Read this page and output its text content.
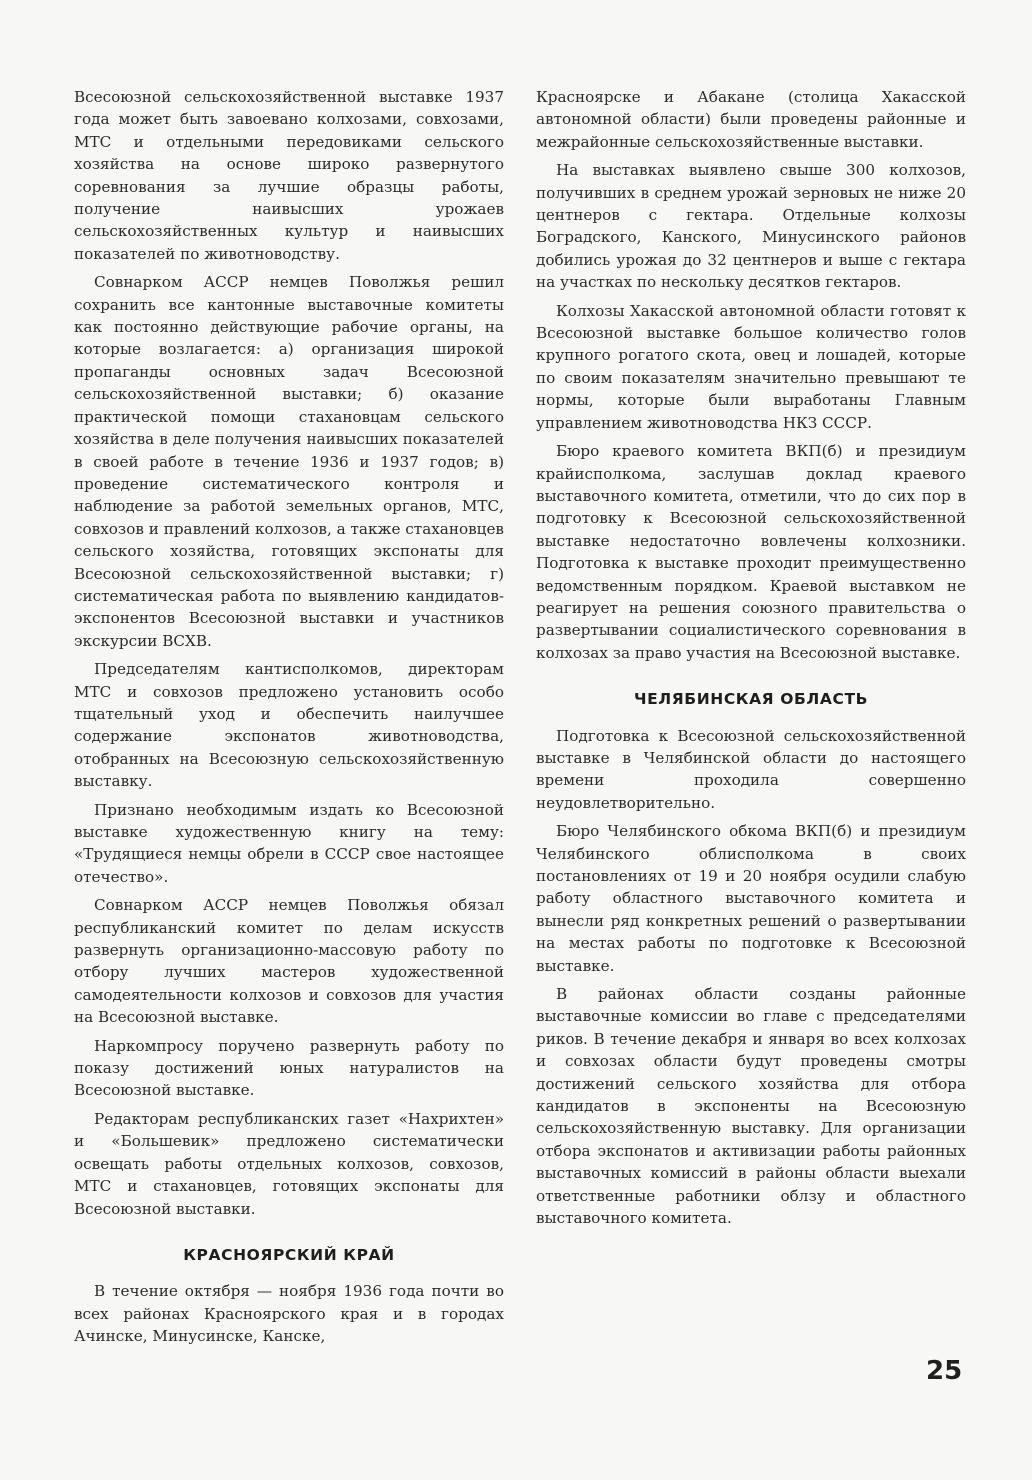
Всесоюзной сельскохозяйственной выставке 1937 года может быть завоевано колхозами, совхозами, МТС и отдельными передовиками сельского хозяйства на основе широко развернутого соревнования за лучшие образцы работы, получение наивысших урожаев сельскохозяйственных культур и наивысших показателей по животноводству.

Совнарком АССР немцев Поволжья решил сохранить все кантонные выставочные комитеты как постоянно действующие рабочие органы, на которые возлагается: а) организация широкой пропаганды основных задач Всесоюзной сельскохозяйственной выставки; б) оказание практической помощи стахановцам сельского хозяйства в деле получения наивысших показателей в своей работе в течение 1936 и 1937 годов; в) проведение систематического контроля и наблюдение за работой земельных органов, МТС, совхозов и правлений колхозов, а также стахановцев сельского хозяйства, готовящих экспонаты для Всесоюзной сельскохозяйственной выставки; г) систематическая работа по выявлению кандидатов-экспонентов Всесоюзной выставки и участников экскурсии ВСХВ.

Председателям кантисполкомов, директорам МТС и совхозов предложено установить особо тщательный уход и обеспечить наилучшее содержание экспонатов животноводства, отобранных на Всесоюзную сельскохозяйственную выставку.

Признано необходимым издать ко Всесоюзной выставке художественную книгу на тему: «Трудящиеся немцы обрели в СССР свое настоящее отечество».

Совнарком АССР немцев Поволжья обязал республиканский комитет по делам искусств развернуть организационно-массовую работу по отбору лучших мастеров художественной самодеятельности колхозов и совхозов для участия на Всесоюзной выставке.

Наркомпросу поручено развернуть работу по показу достижений юных натуралистов на Всесоюзной выставке.

Редакторам республиканских газет «Нахрихтен» и «Большевик» предложено систематически освещать работы отдельных колхозов, совхозов, МТС и стахановцев, готовящих экспонаты для Всесоюзной выставки.

КРАСНОЯРСКИЙ КРАЙ

В течение октября — ноября 1936 года почти во всех районах Красноярского края и в городах Ачинске, Минусинске, Канске,

Красноярске и Абакане (столица Хакасской автономной области) были проведены районные и межрайонные сельскохозяйственные выставки.

На выставках выявлено свыше 300 колхозов, получивших в среднем урожай зерновых не ниже 20 центнеров с гектара. Отдельные колхозы Боградского, Канского, Минусинского районов добились урожая до 32 центнеров и выше с гектара на участках по нескольку десятков гектаров.

Колхозы Хакасской автономной области готовят к Всесоюзной выставке большое количество голов крупного рогатого скота, овец и лошадей, которые по своим показателям значительно превышают те нормы, которые были выработаны Главным управлением животноводства НКЗ СССР.

Бюро краевого комитета ВКП(б) и президиум крайисполкома, заслушав доклад краевого выставочного комитета, отметили, что до сих пор в подготовку к Всесоюзной сельскохозяйственной выставке недостаточно вовлечены колхозники. Подготовка к выставке проходит преимущественно ведомственным порядком. Краевой выставком не реагирует на решения союзного правительства о развертывании социалистического соревнования в колхозах за право участия на Всесоюзной выставке.

ЧЕЛЯБИНСКАЯ ОБЛАСТЬ

Подготовка к Всесоюзной сельскохозяйственной выставке в Челябинской области до настоящего времени проходила совершенно неудовлетворительно.

Бюро Челябинского обкома ВКП(б) и президиум Челябинского облисполкома в своих постановлениях от 19 и 20 ноября осудили слабую работу областного выставочного комитета и вынесли ряд конкретных решений о развертывании на местах работы по подготовке к Всесоюзной выставке.

В районах области созданы районные выставочные комиссии во главе с председателями риков. В течение декабря и января во всех колхозах и совхозах области будут проведены смотры достижений сельского хозяйства для отбора кандидатов в экспоненты на Всесоюзную сельскохозяйственную выставку. Для организации отбора экспонатов и активизации работы районных выставочных комиссий в районы области выехали ответственные работники облзу и областного выставочного комитета.

25
